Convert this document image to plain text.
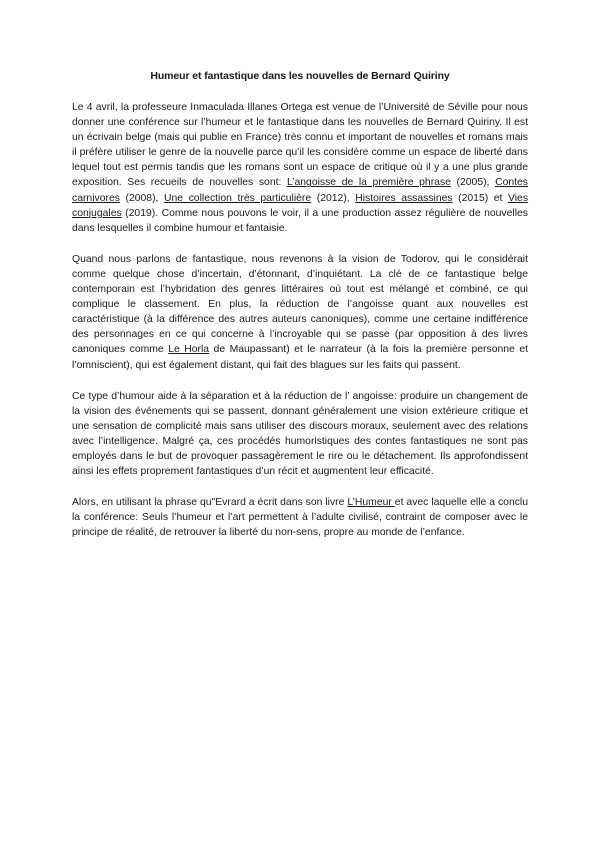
Humeur et fantastique dans les nouvelles de Bernard Quiriny

Le 4 avril, la professeure Inmaculada Illanes Ortega est venue de l’Université de Séville pour nous donner une conférence sur l’humeur et le fantastique dans les nouvelles de Bernard Quiriny. Il est un écrivain belge (mais qui publie en France) très connu et important de nouvelles et romans mais il préfère utiliser le genre de la nouvelle parce qu’il les considère comme un espace de liberté dans lequel tout est permis tandis que les romans sont un espace de critique où il y a une plus grande exposition. Ses recueils de nouvelles sont: L’angoisse de la première phrase (2005), Contes carnivores (2008), Une collection très particulière (2012), Histoires assassines (2015) et Vies conjugales (2019). Comme nous pouvons le voir, il a une production assez régulière de nouvelles dans lesquelles il combine humour et fantaisie.

Quand nous parlons de fantastique, nous revenons à la vision de Todorov, qui le considérait comme quelque chose d’incertain, d’étonnant, d’inquiétant. La clé de ce fantastique belge contemporain est l’hybridation des genres littéraires où tout est mélangé et combiné, ce qui complique le classement. En plus, la réduction de l’angoisse quant aux nouvelles est caractéristique (à la différence des autres auteurs canoniques), comme une certaine indifférence des personnages en ce qui concerne à l’incroyable qui se passe (par opposition à des livres canoniques comme Le Horla de Maupassant) et le narrateur (à la fois la première personne et l’omniscient), qui est également distant, qui fait des blagues sur les faits qui passent.

Ce type d’humour aide à la séparation et à la réduction de l’ angoisse: produire un changement de la vision des événements qui se passent, donnant généralement une vision extérieure critique et une sensation de complicité mais sans utiliser des discours moraux, seulement avec des relations avec l’intelligence. Malgré ça, ces procédés humoristiques des contes fantastiques ne sont pas employés dans le but de provoquer passagèrement le rire ou le détachement. Ils approfondissent ainsi les effets proprement fantastiques d’un récit et augmentent leur efficacité.

Alors, en utilisant la phrase qu"Evrard a écrit dans son livre L’Humeur et avec laquelle elle a conclu la conférence: Seuls l’humeur et l’art permettent à l’adulte civilisé, contraint de composer avec le principe de réalité, de retrouver la liberté du non-sens, propre au monde de l’enfance.
